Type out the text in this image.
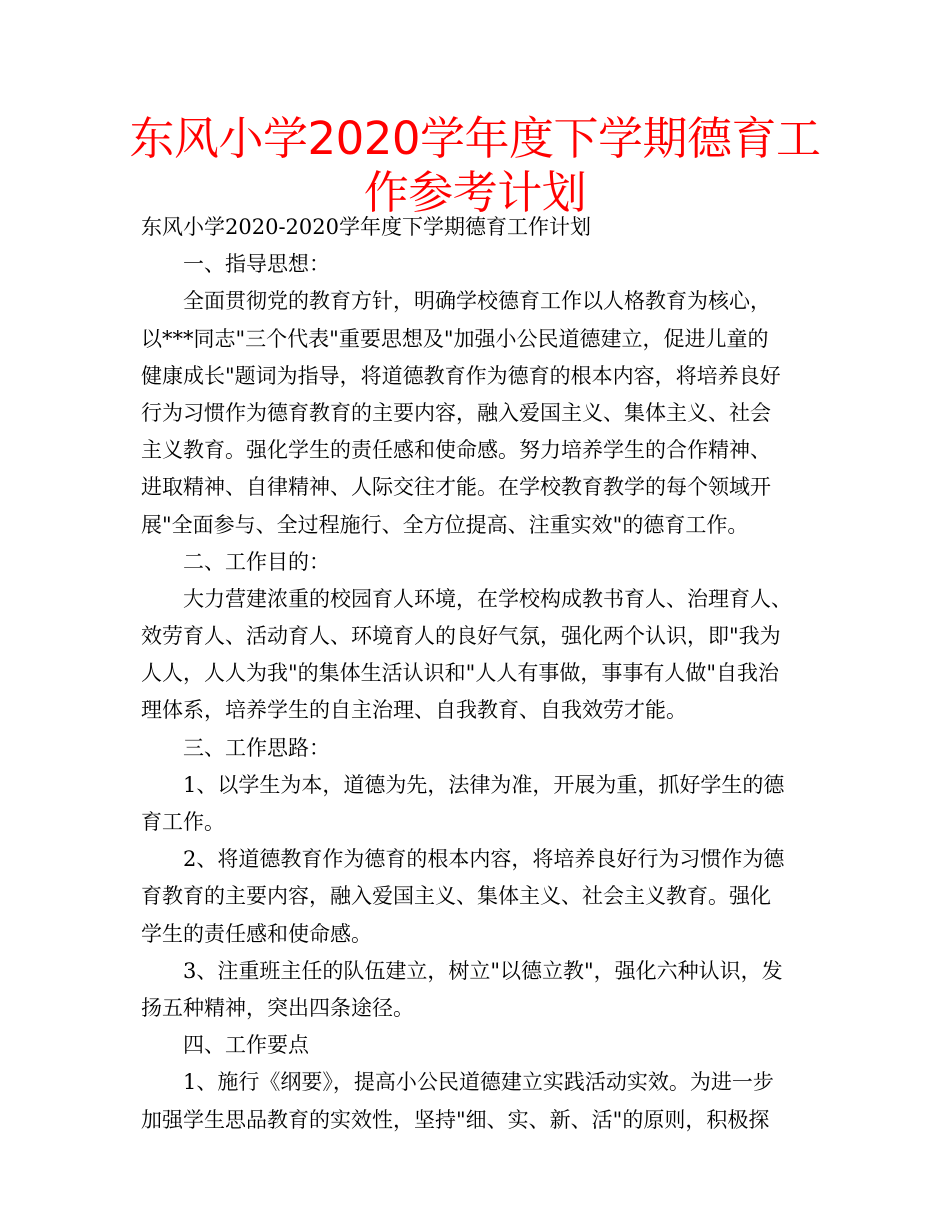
东风小学2020学年度下学期德育工作参考计划

东风小学2020-2020学年度下学期德育工作计划

一、指导思想：

全面贯彻党的教育方针，明确学校德育工作以人格教育为核心，

以***同志"三个代表"重要思想及"加强小公民道德建立，促进儿童的

健康成长"题词为指导，将道德教育作为德育的根本内容，将培养良好

行为习惯作为德育教育的主要内容，融入爱国主义、集体主义、社会

主义教育。强化学生的责任感和使命感。努力培养学生的合作精神、

进取精神、自律精神、人际交往才能。在学校教育教学的每个领域开

展"全面参与、全过程施行、全方位提高、注重实效"的德育工作。

二、工作目的：

大力营建浓重的校园育人环境，在学校构成教书育人、治理育人、

效劳育人、活动育人、环境育人的良好气氛，强化两个认识，即"我为

人人，人人为我"的集体生活认识和"人人有事做，事事有人做"自我治

理体系，培养学生的自主治理、自我教育、自我效劳才能。

三、工作思路：

1、以学生为本，道德为先，法律为准，开展为重，抓好学生的德

育工作。

2、将道德教育作为德育的根本内容，将培养良好行为习惯作为德

育教育的主要内容，融入爱国主义、集体主义、社会主义教育。强化

学生的责任感和使命感。

3、注重班主任的队伍建立，树立"以德立教"，强化六种认识，发

扬五种精神，突出四条途径。

四、工作要点

1、施行《纲要》，提高小公民道德建立实践活动实效。为进一步

加强学生思品教育的实效性，坚持"细、实、新、活"的原则，积极探
